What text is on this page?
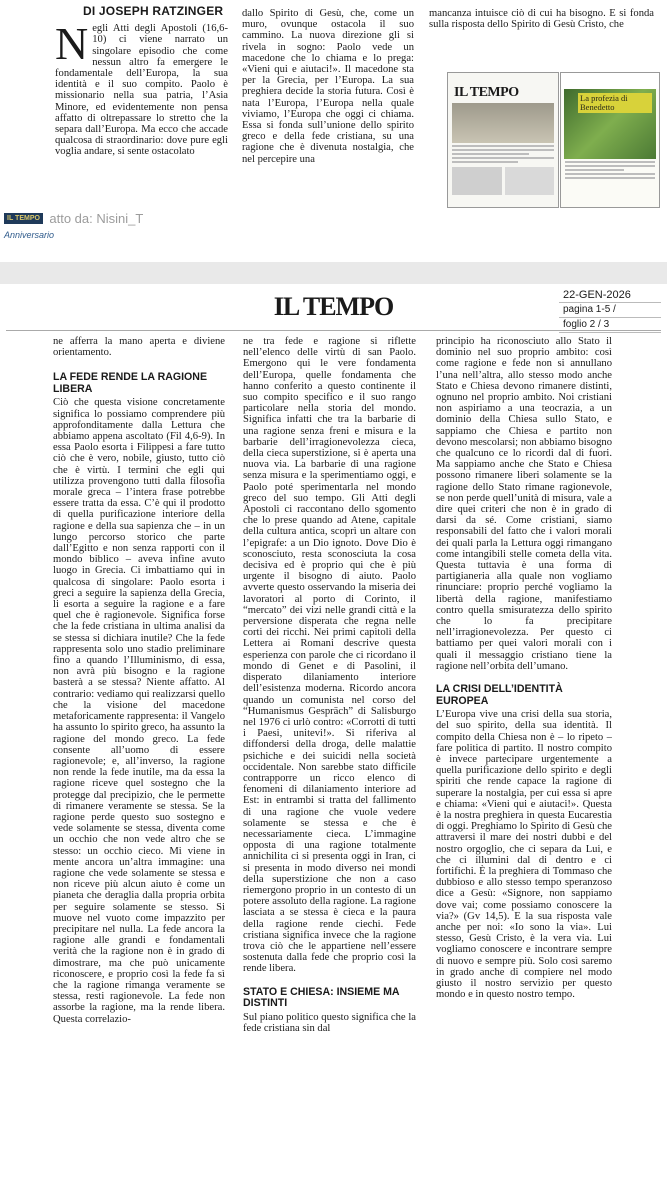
DI JOSEPH RATZINGER
N egli Atti degli Apostoli (16,6-10) ci viene narrato un singolare episodio che come nessun altro fa emergere le fondamentale dell’Europa, la sua identità e il suo compito. Paolo è missionario nella sua patria, l’Asia Minore, ed evidentemente non pensa affatto di oltrepassare lo stretto che la separa dall’Europa. Ma ecco che accade qualcosa di straordinario: dove pure egli voglia andare, si sente ostacolato

dallo Spirito di Gesù, che, come un muro, ovunque ostacola il suo cammino. La nuova direzione gli si rivela in sogno: Paolo vede un macedone che lo chiama e lo prega: «Vieni qui e aiutaci!». Il macedone sta per la Grecia, per l’Europa. La sua preghiera decide la storia futura. Così è nata l’Europa, l’Europa nella quale viviamo, l’Europa che oggi ci chiama. Essa si fonda sull’unione dello spirito greco e della fede cristiana, su una ragione che è divenuta nostalgia, che nel percepire una

mancanza intuisce ciò di cui ha bisogno. E si fonda sulla risposta dello Spirito di Gesù Cristo, che

IL TEMPO	La profezia di Benedetto
IL TEMPO atto da: Nisini_T
Anniversario
IL TEMPO	22-GEN-2026
pagina 1-5 /
foglio 2 / 3

ne afferra la mano aperta e diviene orientamento.

LA FEDE RENDE LA RAGIONE LIBERA

Ciò che questa visione concretamente significa lo possiamo comprendere più approfonditamente dalla Lettura che abbiamo appena ascoltato (Fil 4,6-9). In essa Paolo esorta i Filippesi a fare tutto ciò che è vero, nobile, giusto, tutto ciò che è virtù. I termini che egli qui utilizza provengono tutti dalla filosofia morale greca – l’intera frase potrebbe essere tratta da essa. C’è qui il prodotto di quella purificazione interiore della ragione e della sua sapienza che – in un lungo percorso storico che parte dall’Egitto e non senza rapporti con il mondo biblico – aveva infine avuto luogo in Grecia. Ci imbattiamo qui in qualcosa di singolare: Paolo esorta i greci a seguire la sapienza della Grecia, li esorta a seguire la ragione e a fare quel che è ragionevole. Significa forse che la fede cristiana in ultima analisi da se stessa si dichiara inutile? Che la fede rappresenta solo uno stadio preliminare fino a quando l’Illuminismo, di essa, non avrà più bisogno e la ragione basterà a se stessa? Niente affatto. Al contrario: vediamo qui realizzarsi quello che la visione del macedone metaforicamente rappresenta: il Vangelo ha assunto lo spirito greco, ha assunto la ragione del mondo greco. La fede consente all’uomo di essere ragionevole; e, all’inverso, la ragione non rende la fede inutile, ma da essa la ragione riceve quel sostegno che la protegge dal precipizio, che le permette di rimanere veramente se stessa. Se la ragione perde questo suo sostegno e vede solamente se stessa, diventa come un occhio che non vede altro che se stesso: un occhio cieco. Mi viene in mente ancora un’altra immagine: una ragione che vede solamente se stessa e non riceve più alcun aiuto è come un pianeta che deraglia dalla propria orbita per seguire solamente se stesso. Si muove nel vuoto come impazzito per precipitare nel nulla. La fede ancora la ragione alle grandi e fondamentali verità che la ragione non è in grado di dimostrare, ma che può unicamente riconoscere, e proprio così la fede fa sì che la ragione rimanga veramente se stessa, resti ragionevole. La fede non assorbe la ragione, ma la rende libera. Questa correlazio-

ne tra fede e ragione si riflette nell’elenco delle virtù di san Paolo. Emergono qui le vere fondamenta dell’Europa, quelle fondamenta che hanno conferito a questo continente il suo compito specifico e il suo rango particolare nella storia del mondo. Significa infatti che tra la barbarie di una ragione senza freni e misura e la barbarie dell’irragionevolezza cieca, della cieca superstizione, si è aperta una nuova via. La barbarie di una ragione senza misura e la sperimentiamo oggi, e Paolo poté sperimentarla nel mondo greco del suo tempo. Gli Atti degli Apostoli ci raccontano dello sgomento che lo prese quando ad Atene, capitale della cultura antica, scoprì un altare con l’epigrafe: a un Dio ignoto. Dove Dio è sconosciuto, resta sconosciuta la cosa decisiva ed è proprio qui che è più urgente il bisogno di aiuto. Paolo avverte questo osservando la miseria dei lavoratori al porto di Corinto, il “mercato” dei vizi nelle grandi città e la perversione disperata che regna nelle corti dei ricchi. Nei primi capitoli della Lettera ai Romani descrive questa esperienza con parole che ci ricordano il mondo di Genet e di Pasolini, il disperato dilaniamento interiore dell’esistenza moderna. Ricordo ancora quando un comunista nel corso del “Humanismus Gespräch” di Salisburgo nel 1976 ci urlò contro: «Corrotti di tutti i Paesi, unitevi!». Si riferiva al diffondersi della droga, delle malattie psichiche e dei suicidi nella società occidentale. Non sarebbe stato difficile contrapporre un ricco elenco di fenomeni di dilaniamento interiore ad Est: in entrambi si tratta del fallimento di una ragione che vuole vedere solamente se stessa e che è necessariamente cieca. L’immagine opposta di una ragione totalmente annichilita ci si presenta oggi in Iran, ci si presenta in modo diverso nei mondi della superstizione che non a caso riemergono proprio in un contesto di un potere assoluto della ragione. La ragione lasciata a se stessa è cieca e la paura della ragione rende ciechi. Fede cristiana significa invece che la ragione trova ciò che le appartiene nell’essere sostenuta dalla fede che proprio così la rende libera.

STATO E CHIESA: INSIEME MA DISTINTI

Sul piano politico questo significa che la fede cristiana sin dal

principio ha riconosciuto allo Stato il dominio nel suo proprio ambito: così come ragione e fede non si annullano l’una nell’altra, allo stesso modo anche Stato e Chiesa devono rimanere distinti, ognuno nel proprio ambito. Noi cristiani non aspiriamo a una teocrazia, a un dominio della Chiesa sullo Stato, e sappiamo che Chiesa e partito non devono mescolarsi; non abbiamo bisogno che qualcuno ce lo ricordi dal di fuori. Ma sappiamo anche che Stato e Chiesa possono rimanere liberi solamente se la ragione dello Stato rimane ragionevole, se non perde quell’unità di misura, vale a dire quei criteri che non è in grado di darsi da sé. Come cristiani, siamo responsabili del fatto che i valori morali dei quali parla la Lettura oggi rimangano come intangibili stelle cometa della vita. Questa tuttavia è una forma di partigianeria alla quale non vogliamo rinunciare: proprio perché vogliamo la libertà della ragione, manifestiamo contro quella smisuratezza dello spirito che lo fa precipitare nell’irragionevolezza. Per questo ci battiamo per quei valori morali con i quali il messaggio cristiano tiene la ragione nell’orbita dell’umano.

LA CRISI DELL’IDENTITÀ EUROPEA

L’Europa vive una crisi della sua storia, del suo spirito, della sua identità. Il compito della Chiesa non è – lo ripeto – fare politica di partito. Il nostro compito è invece partecipare urgentemente a quella purificazione dello spirito e degli spiriti che rende capace la ragione di superare la nostalgia, per cui essa si apre e chiama: «Vieni qui e aiutaci!». Questa è la nostra preghiera in questa Eucarestia di oggi. Preghiamo lo Spirito di Gesù che attraversi il mare dei nostri dubbi e del nostro orgoglio, che ci separa da Lui, e che ci illumini dal di dentro e ci fortifichi. È la preghiera di Tommaso che dubbioso e allo stesso tempo speranzoso dice a Gesù: «Signore, non sappiamo dove vai; come possiamo conoscere la via?» (Gv 14,5). E la sua risposta vale anche per noi: «Io sono la via». Lui stesso, Gesù Cristo, è la vera via. Lui vogliamo conoscere e incontrare sempre di nuovo e sempre più. Solo così saremo in grado anche di compiere nel modo giusto il nostro servizio per questo mondo e in questo nostro tempo.
